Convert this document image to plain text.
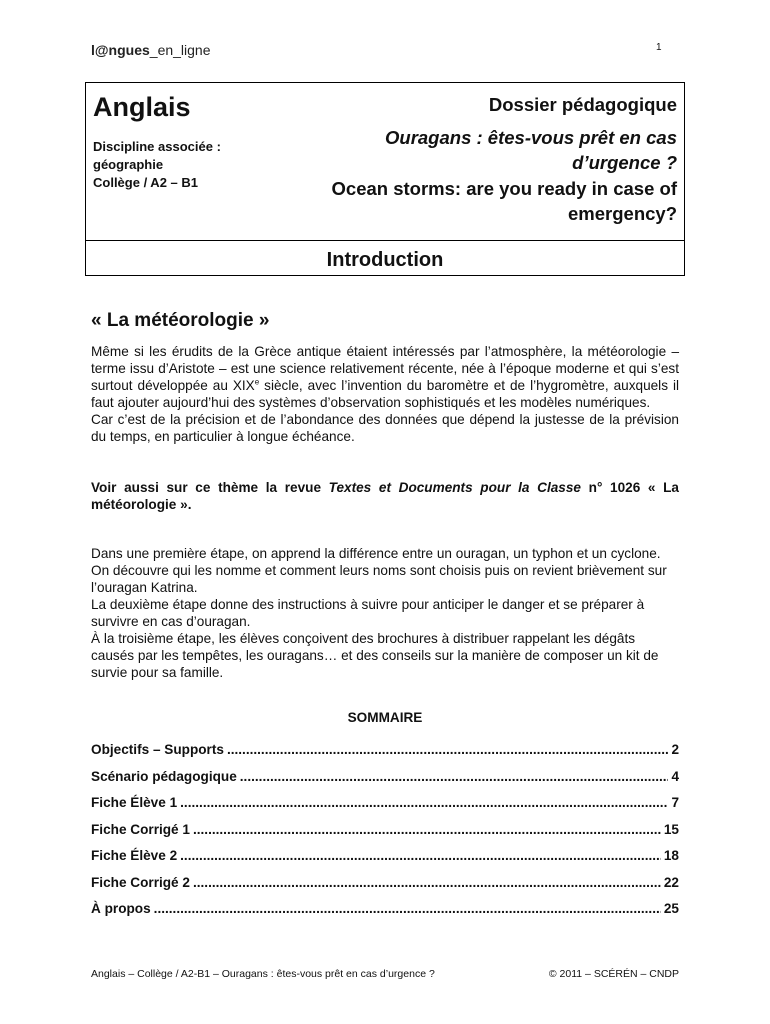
l@ngues_en_ligne	1
Anglais
Discipline associée :
géographie
Collège / A2 – B1
Dossier pédagogique
Ouragans : êtes-vous prêt en cas d’urgence ?
Ocean storms: are you ready in case of emergency?
Introduction
« La météorologie »
Même si les érudits de la Grèce antique étaient intéressés par l’atmosphère, la météorologie – terme issu d’Aristote – est une science relativement récente, née à l’époque moderne et qui s’est surtout développée au XIXe siècle, avec l’invention du baromètre et de l’hygromètre, auxquels il faut ajouter aujourd’hui des systèmes d’observation sophistiqués et les modèles numériques.
Car c’est de la précision et de l’abondance des données que dépend la justesse de la prévision du temps, en particulier à longue échéance.
Voir aussi sur ce thème la revue Textes et Documents pour la Classe n° 1026 « La météorologie ».
Dans une première étape, on apprend la différence entre un ouragan, un typhon et un cyclone. On découvre qui les nomme et comment leurs noms sont choisis puis on revient brièvement sur l’ouragan Katrina.
La deuxième étape donne des instructions à suivre pour anticiper le danger et se préparer à survivre en cas d’ouragan.
À la troisième étape, les élèves conçoivent des brochures à distribuer rappelant les dégâts causés par les tempêtes, les ouragans… et des conseils sur la manière de composer un kit de survie pour sa famille.
SOMMAIRE
Objectifs – Supports .....	2
Scénario pédagogique .....	4
Fiche Élève 1 .....	7
Fiche Corrigé 1 .....	15
Fiche Élève 2 .....	18
Fiche Corrigé 2 .....	22
À propos .....	25
Anglais – Collège / A2-B1 – Ouragans : êtes-vous prêt en cas d’urgence ?	© 2011 – SCÉRÉN – CNDP
